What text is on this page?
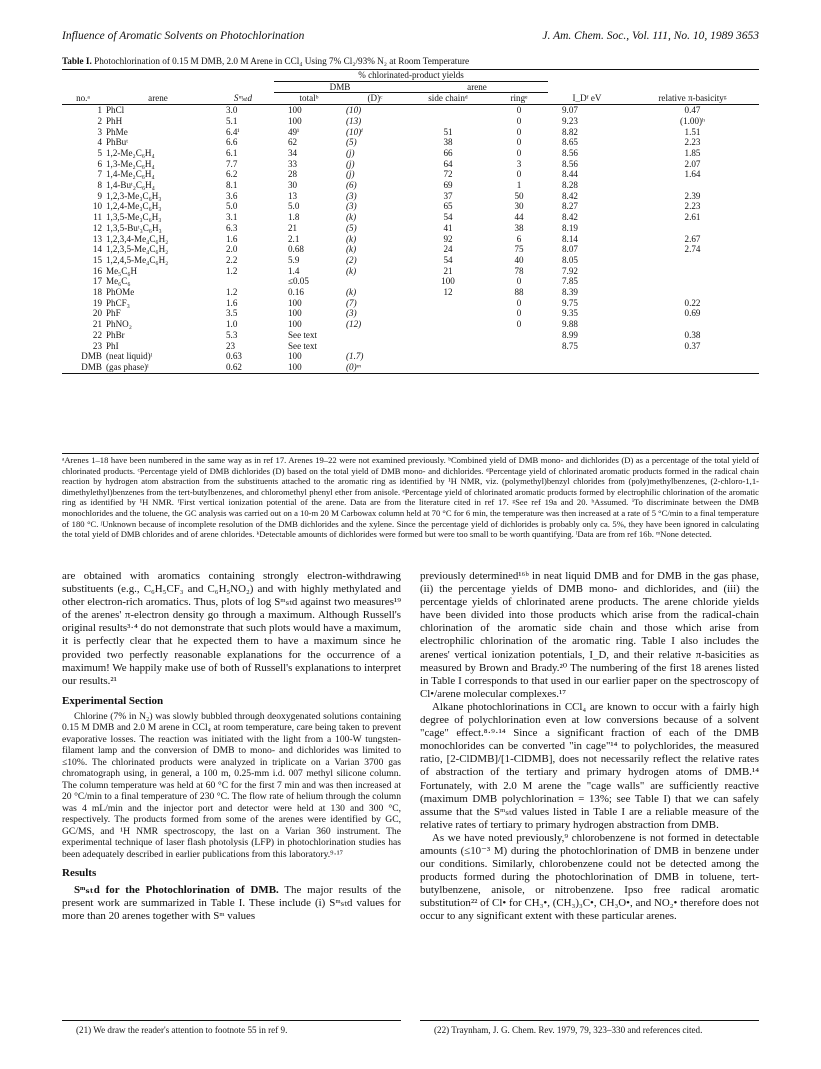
Influence of Aromatic Solvents on Photochlorination	J. Am. Chem. Soc., Vol. 111, No. 10, 1989 3653
Table I. Photochlorination of 0.15 M DMB, 2.0 M Arene in CCl₄ Using 7% Cl₂/93% N₂ at Room Temperature
			% chlorinated-product yields					
			DMB		arene			
no.ᵃ	arene	Sᵐₛₜd	totalᵇ	(D)ᶜ	side chainᵈ	ringᵉ	I_Dᶠ eV	relative π-basicityᵍ
1	PhCl	3.0	100	(10)		0	9.07	0.47
2	PhH	5.1	100	(13)		0	9.23	(1.00)ʰ
3	PhMe	6.4ⁱ	49ⁱ	(10)ⁱ	51	0	8.82	1.51
4	PhBuᵗ	6.6	62	(5)	38	0	8.65	2.23
5	1,2-Me₂C₆H₄	6.1	34	(j)	66	0	8.56	1.85
6	1,3-Me₂C₆H₄	7.7	33	(j)	64	3	8.56	2.07
7	1,4-Me₂C₆H₄	6.2	28	(j)	72	0	8.44	1.64
8	1,4-Buᵗ₂C₆H₄	8.1	30	(6)	69	1	8.28	
9	1,2,3-Me₃C₆H₃	3.6	13	(3)	37	50	8.42	2.39
10	1,2,4-Me₃C₆H₃	5.0	5.0	(3)	65	30	8.27	2.23
11	1,3,5-Me₃C₆H₃	3.1	1.8	(k)	54	44	8.42	2.61
12	1,3,5-Buᵗ₃C₆H₃	6.3	21	(5)	41	38	8.19	
13	1,2,3,4-Me₄C₆H₂	1.6	2.1	(k)	92	6	8.14	2.67
14	1,2,3,5-Me₄C₆H₂	2.0	0.68	(k)	24	75	8.07	2.74
15	1,2,4,5-Me₄C₆H₂	2.2	5.9	(2)	54	40	8.05	
16	Me₅C₆H	1.2	1.4	(k)	21	78	7.92	
17	Me₆C₆		≤0.05		100	0	7.85	
18	PhOMe	1.2	0.16	(k)	12	88	8.39	
19	PhCF₃	1.6	100	(7)		0	9.75	0.22
20	PhF	3.5	100	(3)		0	9.35	0.69
21	PhNO₂	1.0	100	(12)		0	9.88	
22	PhBr	5.3	See text				8.99	0.38
23	PhI	23	See text				8.75	0.37
DMB	(neat liquid)ˡ	0.63	100	(1.7)				
DMB	(gas phase)ˡ	0.62	100	(0)ᵐ				
ᵃArenes 1–18 have been numbered in the same way as in ref 17. Arenes 19–22 were not examined previously. ᵇCombined yield of DMB mono- and dichlorides (D) as a percentage of the total yield of chlorinated products. ᶜPercentage yield of DMB dichlorides (D) based on the total yield of DMB mono- and dichlorides. ᵈPercentage yield of chlorinated aromatic products formed in the radical chain reaction by hydrogen atom abstraction from the substituents attached to the aromatic ring as identified by ¹H NMR, viz. (polymethyl)benzyl chlorides from (poly)methylbenzenes, (2-chloro-1,1-dimethylethyl)benzenes from the tert-butylbenzenes, and chloromethyl phenyl ether from anisole. ᵉPercentage yield of chlorinated aromatic products formed by electrophilic chlorination of the aromatic ring as identified by ¹H NMR. ᶠFirst vertical ionization potential of the arene. Data are from the literature cited in ref 17. ᵍSee ref 19a and 20. ʰAssumed. ⁱTo discriminate between the DMB monochlorides and the toluene, the GC analysis was carried out on a 10-m 20 M Carbowax column held at 70 °C for 6 min, the temperature was then increased at a rate of 5 °C/min to a final temperature of 180 °C. ʲUnknown because of incomplete resolution of the DMB dichlorides and the xylene. Since the percentage yield of dichlorides is probably only ca. 5%, they have been ignored in calculating the total yield of DMB chlorides and of arene chlorides. ᵏDetectable amounts of dichlorides were formed but were too small to be worth quantifying. ˡData are from ref 16b. ᵐNone detected.

are obtained with aromatics containing strongly electron-withdrawing substituents (e.g., C₆H₅CF₃ and C₆H₅NO₂) and with highly methylated and other electron-rich aromatics. Thus, plots of log Sᵐₛₜd against two measures¹⁹ of the arenes' π-electron density go through a maximum. Although Russell's original results³·⁴ do not demonstrate that such plots would have a maximum, it is perfectly clear that he expected them to have a maximum since he provided two perfectly reasonable explanations for the occurrence of a maximum! We happily make use of both of Russell's explanations to interpret our results.²¹

Experimental Section

Chlorine (7% in N₂) was slowly bubbled through deoxygenated solutions containing 0.15 M DMB and 2.0 M arene in CCl₄ at room temperature, care being taken to prevent evaporative losses. The reaction was initiated with the light from a 100-W tungsten-filament lamp and the conversion of DMB to mono- and dichlorides was limited to ≤10%. The chlorinated products were analyzed in triplicate on a Varian 3700 gas chromatograph using, in general, a 100 m, 0.25-mm i.d. 007 methyl silicone column. The column temperature was held at 60 °C for the first 7 min and was then increased at 20 °C/min to a final temperature of 230 °C. The flow rate of helium through the column was 4 mL/min and the injector port and detector were held at 130 and 300 °C, respectively. The products formed from some of the arenes were identified by GC, GC/MS, and ¹H NMR spectroscopy, the last on a Varian 360 instrument. The experimental technique of laser flash photolysis (LFP) in photochlorination studies has been adequately described in earlier publications from this laboratory.⁹·¹⁷

Results

Sᵐₛₜd for the Photochlorination of DMB. The major results of the present work are summarized in Table I. These include (i) Sᵐₛₜd values for more than 20 arenes together with Sᵐ values

previously determined¹⁶ᵇ in neat liquid DMB and for DMB in the gas phase, (ii) the percentage yields of DMB mono- and dichlorides, and (iii) the percentage yields of chlorinated arene products. The arene chloride yields have been divided into those products which arise from the radical-chain chlorination of the aromatic side chain and those which arise from electrophilic chlorination of the aromatic ring. Table I also includes the arenes' vertical ionization potentials, I_D, and their relative π-basicities as measured by Brown and Brady.²⁰ The numbering of the first 18 arenes listed in Table I corresponds to that used in our earlier paper on the spectroscopy of Cl•/arene molecular complexes.¹⁷

Alkane photochlorinations in CCl₄ are known to occur with a fairly high degree of polychlorination even at low conversions because of a solvent "cage" effect.⁸·⁹·¹⁴ Since a significant fraction of each of the DMB monochlorides can be converted "in cage"¹⁴ to polychlorides, the measured ratio, [2-ClDMB]/[1-ClDMB], does not necessarily reflect the relative rates of abstraction of the tertiary and primary hydrogen atoms of DMB.¹⁴ Fortunately, with 2.0 M arene the "cage walls" are sufficiently reactive (maximum DMB polychlorination = 13%; see Table I) that we can safely assume that the Sᵐₛₜd values listed in Table I are a reliable measure of the relative rates of tertiary to primary hydrogen abstraction from DMB.

As we have noted previously,⁹ chlorobenzene is not formed in detectable amounts (≤10⁻³ M) during the photochlorination of DMB in benzene under our conditions. Similarly, chlorobenzene could not be detected among the products formed during the photochlorination of DMB in toluene, tert-butylbenzene, anisole, or nitrobenzene. Ipso free radical aromatic substitution²² of Cl• for CH₃•, (CH₃)₃C•, CH₃O•, and NO₂• therefore does not occur to any significant extent with these particular arenes.

(21) We draw the reader's attention to footnote 55 in ref 9.	(22) Traynham, J. G. Chem. Rev. 1979, 79, 323–330 and references cited.
